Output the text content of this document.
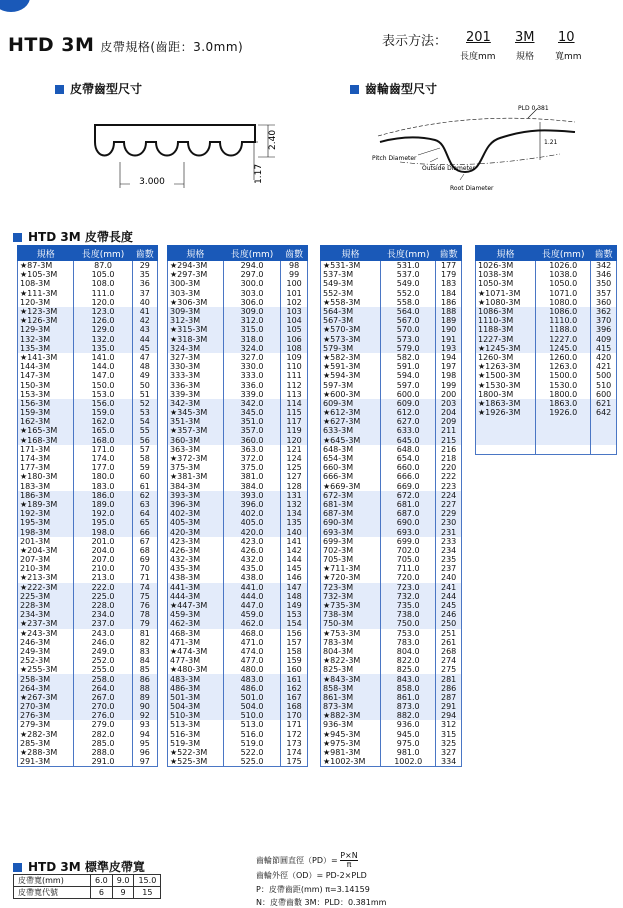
HTD 3M 皮帶規格(齒距：3.0mm)	表示方法： 201 3M 10
長度mm 規格 寬mm
皮帶齒型尺寸	齒輪齒型尺寸
3.000
2.40
1.17
PLD 0.381
1.21
Pitch Diameter
Outside Diameter
Root Diameter
HTD 3M 皮帶長度
規格	長度(mm)	齒數
★87-3M	87.0	29
★105-3M	105.0	35
108-3M	108.0	36
★111-3M	111.0	37
120-3M	120.0	40
★123-3M	123.0	41
★126-3M	126.0	42
129-3M	129.0	43
132-3M	132.0	44
135-3M	135.0	45
★141-3M	141.0	47
144-3M	144.0	48
147-3M	147.0	49
150-3M	150.0	50
153-3M	153.0	51
156-3M	156.0	52
159-3M	159.0	53
162-3M	162.0	54
★165-3M	165.0	55
★168-3M	168.0	56
171-3M	171.0	57
174-3M	174.0	58
177-3M	177.0	59
★180-3M	180.0	60
183-3M	183.0	61
186-3M	186.0	62
★189-3M	189.0	63
192-3M	192.0	64
195-3M	195.0	65
198-3M	198.0	66
201-3M	201.0	67
★204-3M	204.0	68
207-3M	207.0	69
210-3M	210.0	70
★213-3M	213.0	71
★222-3M	222.0	74
225-3M	225.0	75
228-3M	228.0	76
234-3M	234.0	78
★237-3M	237.0	79
★243-3M	243.0	81
246-3M	246.0	82
249-3M	249.0	83
252-3M	252.0	84
★255-3M	255.0	85
258-3M	258.0	86
264-3M	264.0	88
★267-3M	267.0	89
270-3M	270.0	90
276-3M	276.0	92
279-3M	279.0	93
★282-3M	282.0	94
285-3M	285.0	95
★288-3M	288.0	96
291-3M	291.0	97
規格	長度(mm)	齒數
★294-3M	294.0	98
★297-3M	297.0	99
300-3M	300.0	100
303-3M	303.0	101
★306-3M	306.0	102
309-3M	309.0	103
312-3M	312.0	104
★315-3M	315.0	105
★318-3M	318.0	106
324-3M	324.0	108
327-3M	327.0	109
330-3M	330.0	110
333-3M	333.0	111
336-3M	336.0	112
339-3M	339.0	113
342-3M	342.0	114
★345-3M	345.0	115
351-3M	351.0	117
★357-3M	357.0	119
360-3M	360.0	120
363-3M	363.0	121
★372-3M	372.0	124
375-3M	375.0	125
★381-3M	381.0	127
384-3M	384.0	128
393-3M	393.0	131
396-3M	396.0	132
402-3M	402.0	134
405-3M	405.0	135
420-3M	420.0	140
423-3M	423.0	141
426-3M	426.0	142
432-3M	432.0	144
435-3M	435.0	145
438-3M	438.0	146
441-3M	441.0	147
444-3M	444.0	148
★447-3M	447.0	149
459-3M	459.0	153
462-3M	462.0	154
468-3M	468.0	156
471-3M	471.0	157
★474-3M	474.0	158
477-3M	477.0	159
★480-3M	480.0	160
483-3M	483.0	161
486-3M	486.0	162
501-3M	501.0	167
504-3M	504.0	168
510-3M	510.0	170
513-3M	513.0	171
516-3M	516.0	172
519-3M	519.0	173
★522-3M	522.0	174
★525-3M	525.0	175
規格	長度(mm)	齒數
★531-3M	531.0	177
537-3M	537.0	179
549-3M	549.0	183
552-3M	552.0	184
★558-3M	558.0	186
564-3M	564.0	188
567-3M	567.0	189
★570-3M	570.0	190
★573-3M	573.0	191
579-3M	579.0	193
★582-3M	582.0	194
★591-3M	591.0	197
★594-3M	594.0	198
597-3M	597.0	199
★600-3M	600.0	200
609-3M	609.0	203
★612-3M	612.0	204
★627-3M	627.0	209
633-3M	633.0	211
★645-3M	645.0	215
648-3M	648.0	216
654-3M	654.0	218
660-3M	660.0	220
666-3M	666.0	222
★669-3M	669.0	223
672-3M	672.0	224
681-3M	681.0	227
687-3M	687.0	229
690-3M	690.0	230
693-3M	693.0	231
699-3M	699.0	233
702-3M	702.0	234
705-3M	705.0	235
★711-3M	711.0	237
★720-3M	720.0	240
723-3M	723.0	241
732-3M	732.0	244
★735-3M	735.0	245
738-3M	738.0	246
750-3M	750.0	250
★753-3M	753.0	251
783-3M	783.0	261
804-3M	804.0	268
★822-3M	822.0	274
825-3M	825.0	275
★843-3M	843.0	281
858-3M	858.0	286
861-3M	861.0	287
873-3M	873.0	291
★882-3M	882.0	294
936-3M	936.0	312
★945-3M	945.0	315
★975-3M	975.0	325
★981-3M	981.0	327
★1002-3M	1002.0	334
規格	長度(mm)	齒數
1026-3M	1026.0	342
1038-3M	1038.0	346
1050-3M	1050.0	350
★1071-3M	1071.0	357
★1080-3M	1080.0	360
1086-3M	1086.0	362
1110-3M	1110.0	370
1188-3M	1188.0	396
1227-3M	1227.0	409
★1245-3M	1245.0	415
1260-3M	1260.0	420
★1263-3M	1263.0	421
★1500-3M	1500.0	500
★1530-3M	1530.0	510
1800-3M	1800.0	600
★1863-3M	1863.0	621
★1926-3M	1926.0	642

HTD 3M 標準皮帶寬
皮帶寬(mm)	6.0	9.0	15.0
皮帶寬代號	6	9	15
齒輪節圓直徑$(PD)= \frac{P\times N}{\pi}$
齒輪外徑（OD）= PD-2×PLD
P：皮帶齒距(mm) π=3.14159
N：皮帶齒數 3M：PLD：0.381mm
